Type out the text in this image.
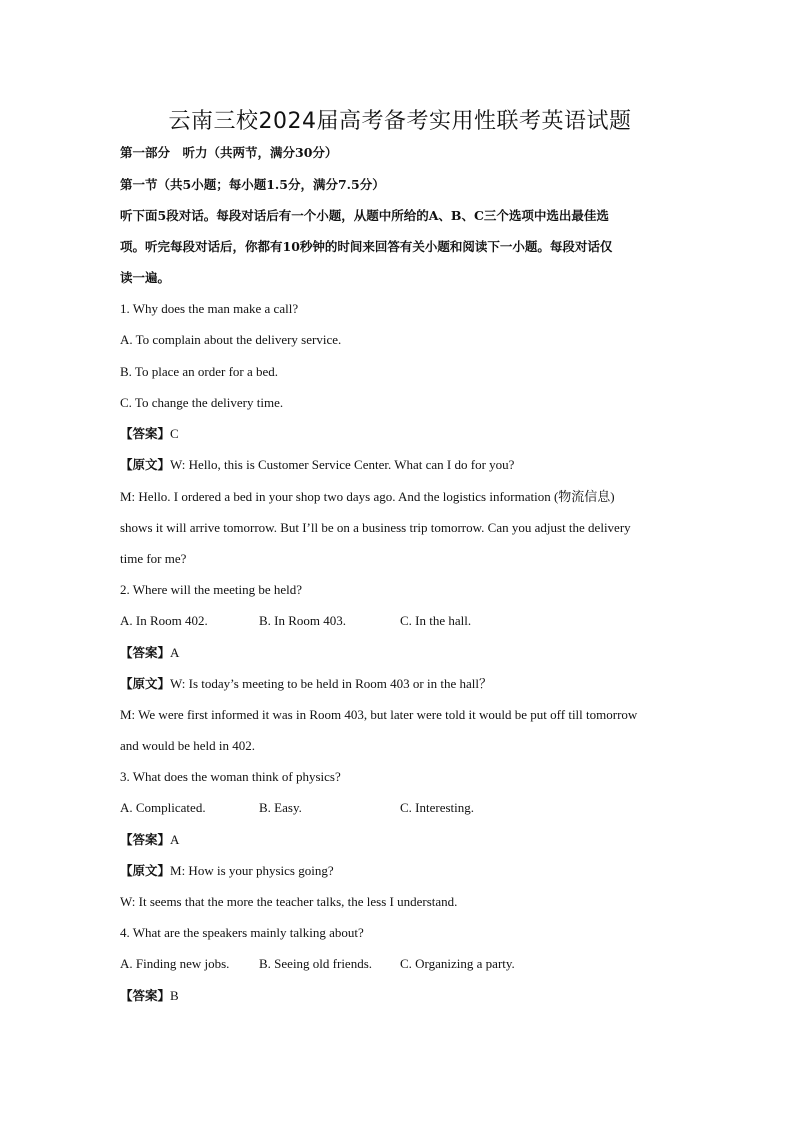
云南三校2024届高考备考实用性联考英语试题
第一部分　听力（共两节，满分30分）
第一节（共5小题；每小题1.5分，满分7.5分）
听下面5段对话。每段对话后有一个小题，从题中所给的A、B、C三个选项中选出最佳选
项。听完每段对话后，你都有10秒钟的时间来回答有关小题和阅读下一小题。每段对话仅
读一遍。
1. Why does the man make a call?
A. To complain about the delivery service.
B. To place an order for a bed.
C. To change the delivery time.
【答案】C
【原文】W: Hello, this is Customer Service Center. What can I do for you?
M: Hello. I ordered a bed in your shop two days ago. And the logistics information (物流信息)
shows it will arrive tomorrow. But I’ll be on a business trip tomorrow. Can you adjust the delivery
time for me?
2. Where will the meeting be held?
A. In Room 402.	B. In Room 403.	C. In the hall.
【答案】A
【原文】W: Is today’s meeting to be held in Room 403 or in the hall？
M: We were first informed it was in Room 403, but later were told it would be put off till tomorrow
and would be held in 402.
3. What does the woman think of physics?
A. Complicated.	B. Easy.	C. Interesting.
【答案】A
【原文】M: How is your physics going?
W: It seems that the more the teacher talks, the less I understand.
4. What are the speakers mainly talking about?
A. Finding new jobs. B. Seeing old friends. C. Organizing a party.
【答案】B
